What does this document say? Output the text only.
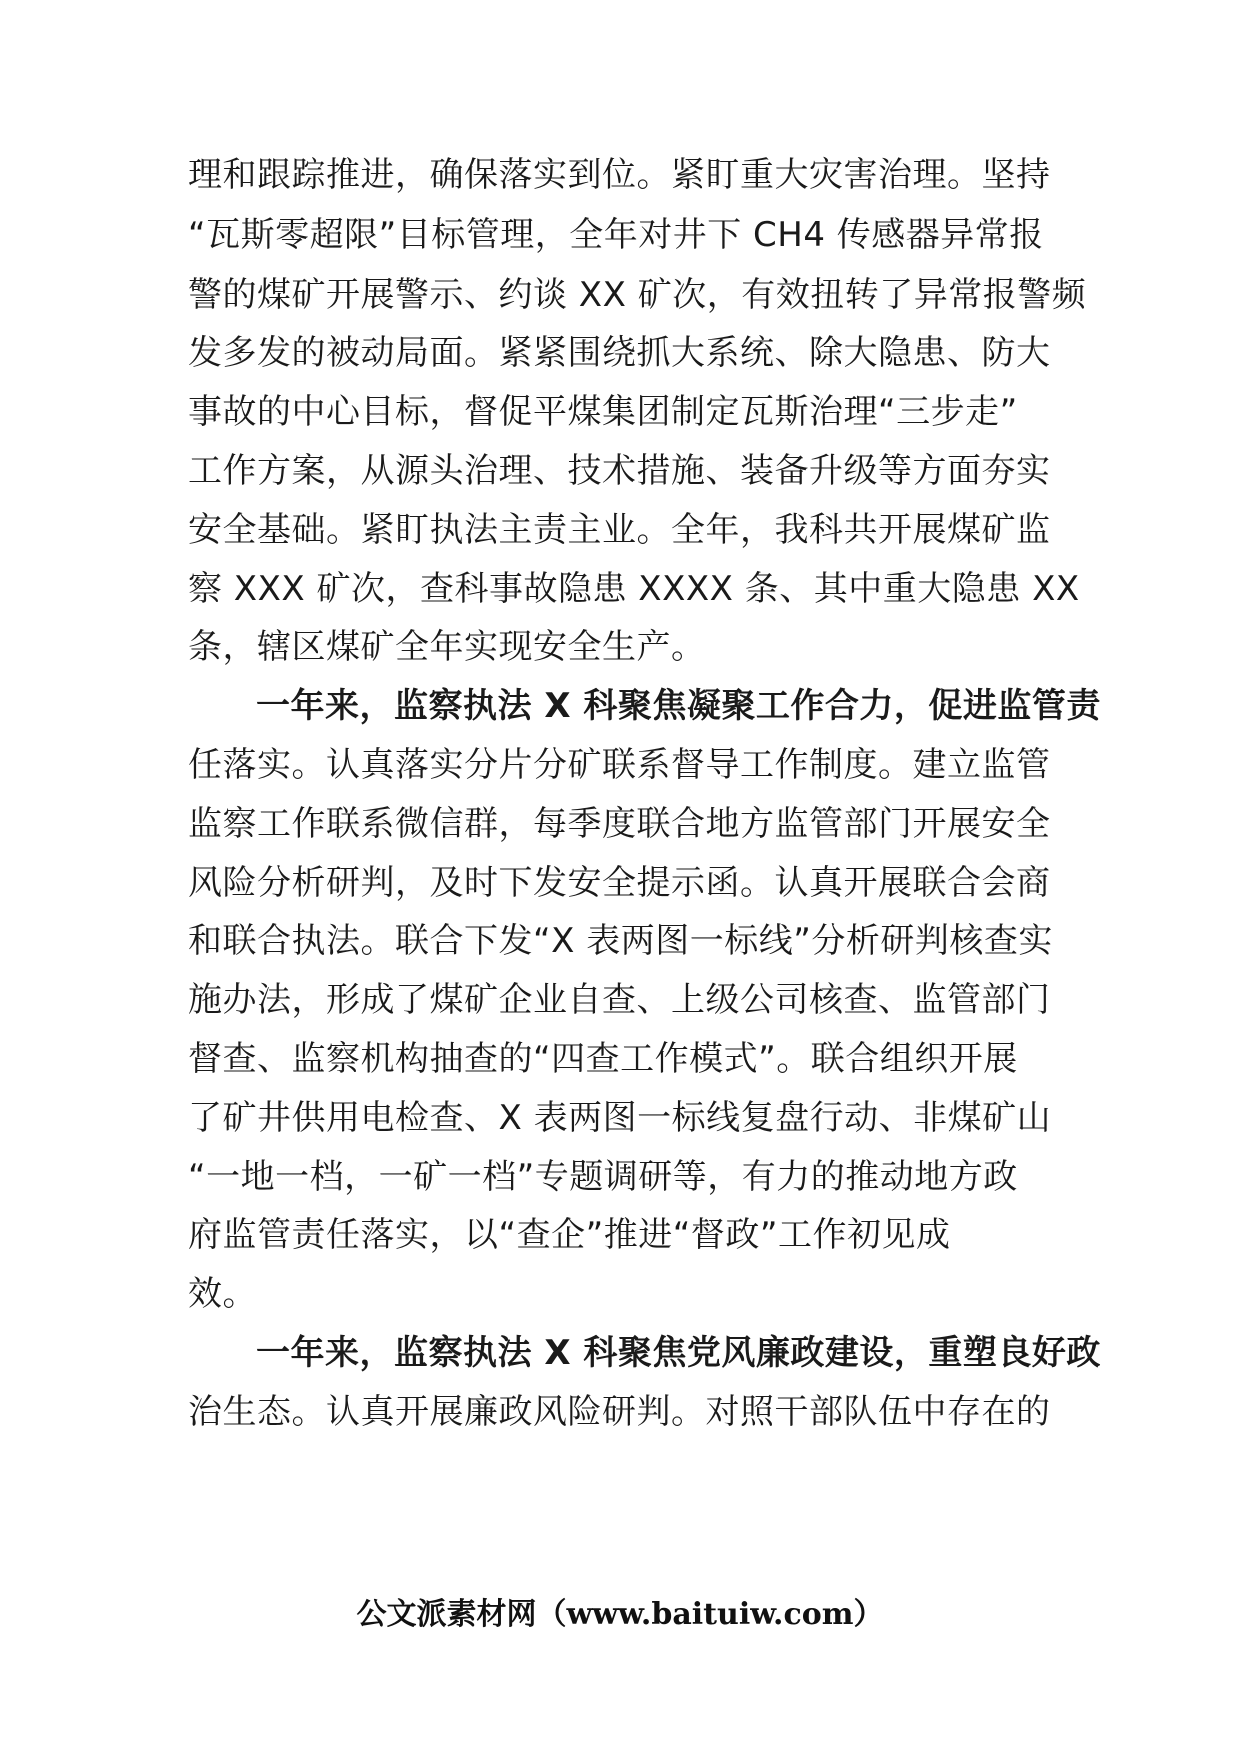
理和跟踪推进，确保落实到位。紧盯重大灾害治理。坚持
“瓦斯零超限”目标管理，全年对井下 CH4 传感器异常报
警的煤矿开展警示、约谈 XX 矿次，有效扭转了异常报警频
发多发的被动局面。紧紧围绕抓大系统、除大隐患、防大
事故的中心目标，督促平煤集团制定瓦斯治理“三步走”
工作方案，从源头治理、技术措施、装备升级等方面夯实
安全基础。紧盯执法主责主业。全年，我科共开展煤矿监
察 XXX 矿次，查科事故隐患 XXXX 条、其中重大隐患 XX
条，辖区煤矿全年实现安全生产。
一年来，监察执法 X 科聚焦凝聚工作合力，促进监管责
任落实。认真落实分片分矿联系督导工作制度。建立监管
监察工作联系微信群，每季度联合地方监管部门开展安全
风险分析研判，及时下发安全提示函。认真开展联合会商
和联合执法。联合下发“X 表两图一标线”分析研判核查实
施办法，形成了煤矿企业自查、上级公司核查、监管部门
督查、监察机构抽查的“四查工作模式”。联合组织开展
了矿井供用电检查、X 表两图一标线复盘行动、非煤矿山
“一地一档，一矿一档”专题调研等，有力的推动地方政
府监管责任落实，以“查企”推进“督政”工作初见成
效。
一年来，监察执法 X 科聚焦党风廉政建设，重塑良好政
治生态。认真开展廉政风险研判。对照干部队伍中存在的
公文派素材网（www.baituiw.com）
